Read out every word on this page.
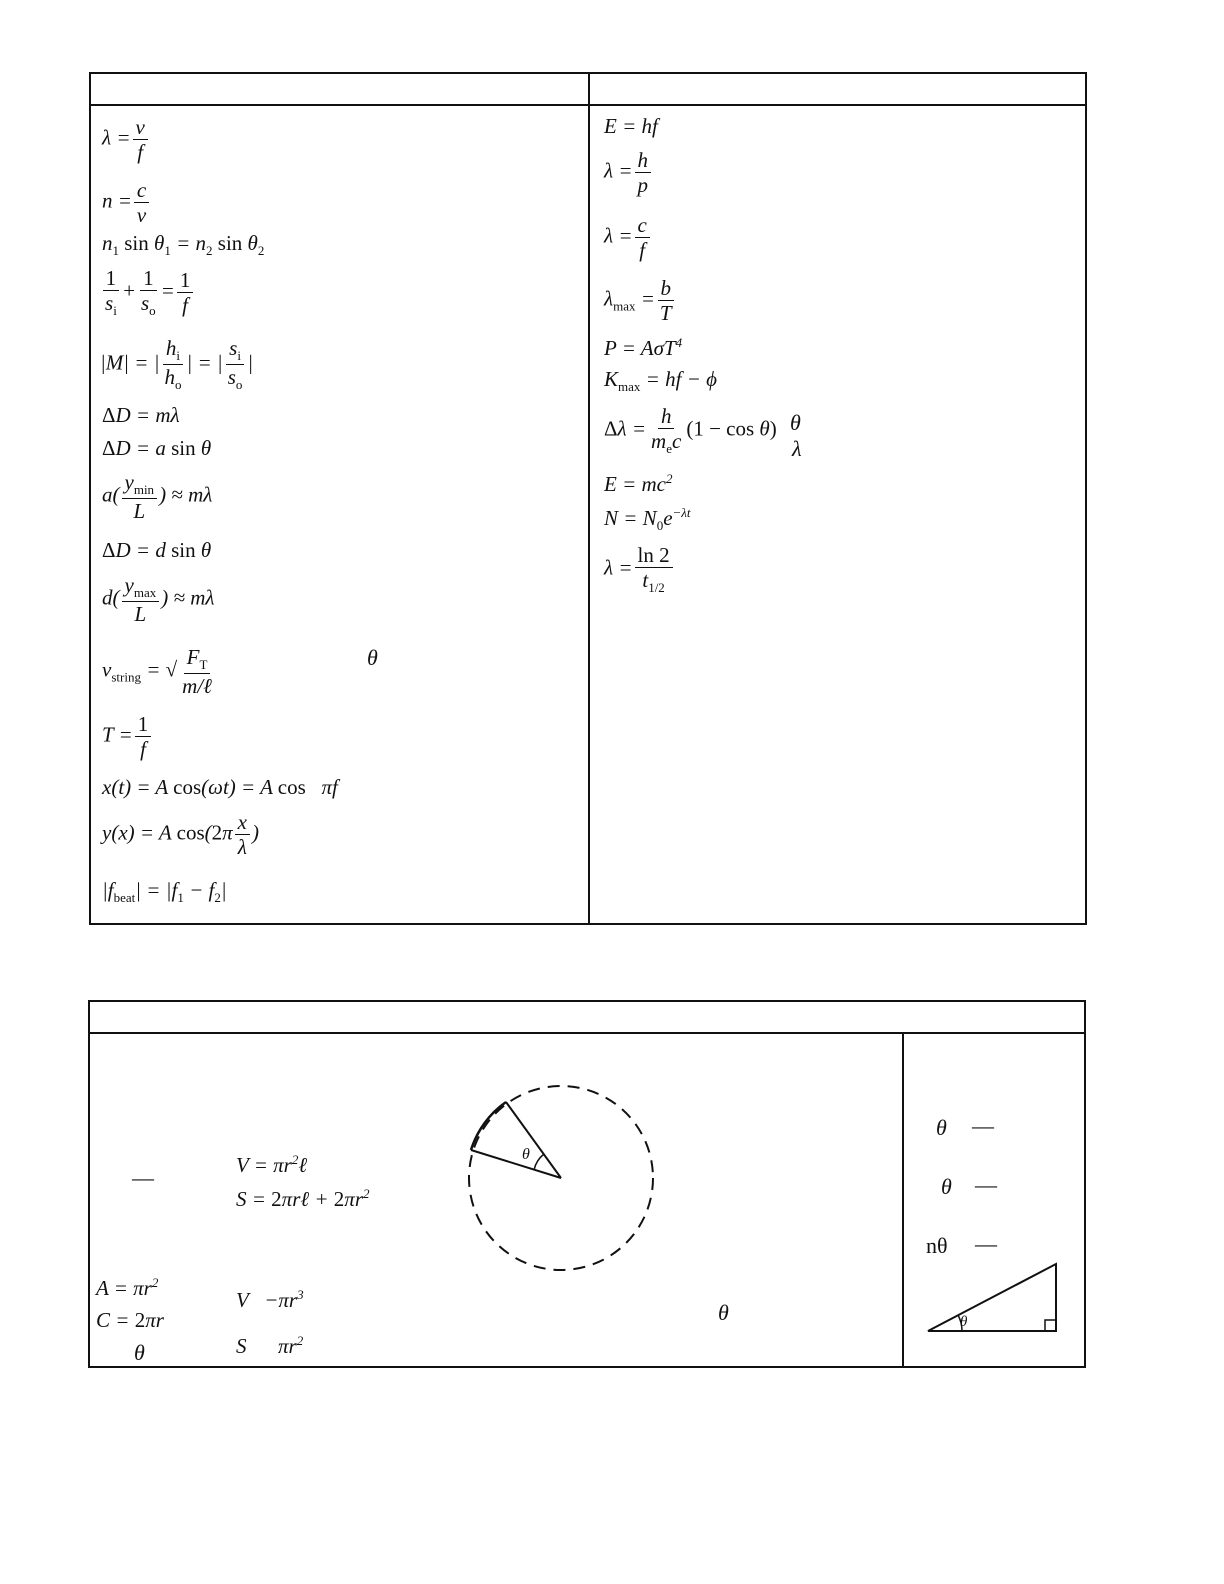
$\lambda = \frac{v}{f}$
$n = \frac{c}{v}$
$n_1$ $\sin \theta_1 = n_2$ $\sin \theta_2$
$\frac{1}{s_i} + \frac{1}{s_o} = \frac{1}{f}$
|M| = | $\frac{h_i}{h_o}$ | = | $\frac{s_i}{s_o}$ |
ΔD = mλ
ΔD = a sin θ
$a( \frac{y_{min}}{L}$ ) ≈ mλ
ΔD = d sin θ
$d( \frac{y_{max}}{L}$ ) ≈ mλ
$v_{string}$ = √ $\frac{F_T}{\text{m/ℓ}}$	θ
$T = \frac{1}{f}$
x(t) = A cos(ωt) = A cos   πf
y(x) = A $\cos(2\pi \frac{x}{\lambda}$ )
$|f_{beat}| = |f_1 - f_2|$
E = hf
$\lambda = \frac{h}{p}$
$\lambda = \frac{c}{f}$
$\lambda_{max} = \frac{b}{T}$
P = AσT$^4$
$K_{max}$ = hf − ϕ
$\Delta\lambda = \frac{h}{m_ec} (1 - \cos \theta)$ θ
λ
$E = mc^2$
$N = N_0e^{-\lambda t}$
$\lambda = \frac{\ln 2}{t_{1/2}}$
—	$V = \pi r^2\ell$
S = 2πrℓ + $2\pi r^2$
$A = \pi r^2$
C = 2πr
θ
$V -\pi r^3$
S      $\pi r^2$
θ
θ
θ —
θ —
nθ —
θ
